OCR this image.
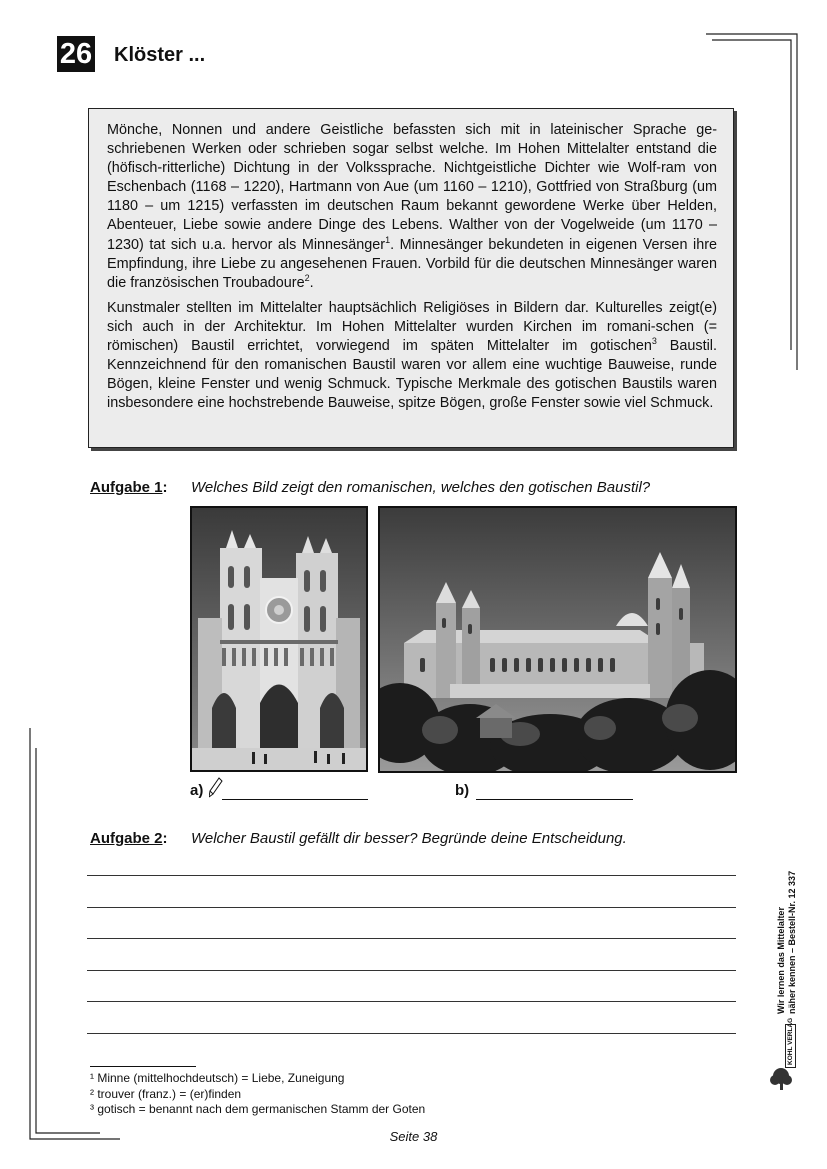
26 Klöster ...

Mönche, Nonnen und andere Geistliche befassten sich mit in lateinischer Sprache ge-schriebenen Werken oder schrieben sogar selbst welche. Im Hohen Mittelalter entstand die (höfisch-ritterliche) Dichtung in der Volkssprache. Nichtgeistliche Dichter wie Wolf-ram von Eschenbach (1168 – 1220), Hartmann von Aue (um 1160 – 1210), Gottfried von Straßburg (um 1180 – um 1215) verfassten im deutschen Raum bekannt gewordene Werke über Helden, Abenteuer, Liebe sowie andere Dinge des Lebens. Walther von der Vogelweide (um 1170 – 1230) tat sich u.a. hervor als Minnesänger$^1$. Minnesänger bekundeten in eigenen Versen ihre Empfindung, ihre Liebe zu angesehenen Frauen. Vorbild für die deutschen Minnesänger waren die französischen Troubadoure$^2$.

Kunstmaler stellten im Mittelalter hauptsächlich Religiöses in Bildern dar. Kulturelles zeigt(e) sich auch in der Architektur. Im Hohen Mittelalter wurden Kirchen im romani-schen (= römischen) Baustil errichtet, vorwiegend im späten Mittelalter im gotischen$^3$ Baustil. Kennzeichnend für den romanischen Baustil waren vor allem eine wuchtige Bauweise, runde Bögen, kleine Fenster und wenig Schmuck. Typische Merkmale des gotischen Baustils waren insbesondere eine hochstrebende Bauweise, spitze Bögen, große Fenster sowie viel Schmuck.

Aufgabe 1: Welches Bild zeigt den romanischen, welches den gotischen Baustil?
a)	b)
Aufgabe 2: Welcher Baustil gefällt dir besser? Begründe deine Entscheidung.
¹ Minne (mittelhochdeutsch) = Liebe, Zuneigung
² trouver (franz.) = (er)finden
³ gotisch = benannt nach dem germanischen Stamm der Goten
Wir lernen das Mittelalter näher kennen – Bestell-Nr. 12 337
KOHL VERLAG
Seite 38
